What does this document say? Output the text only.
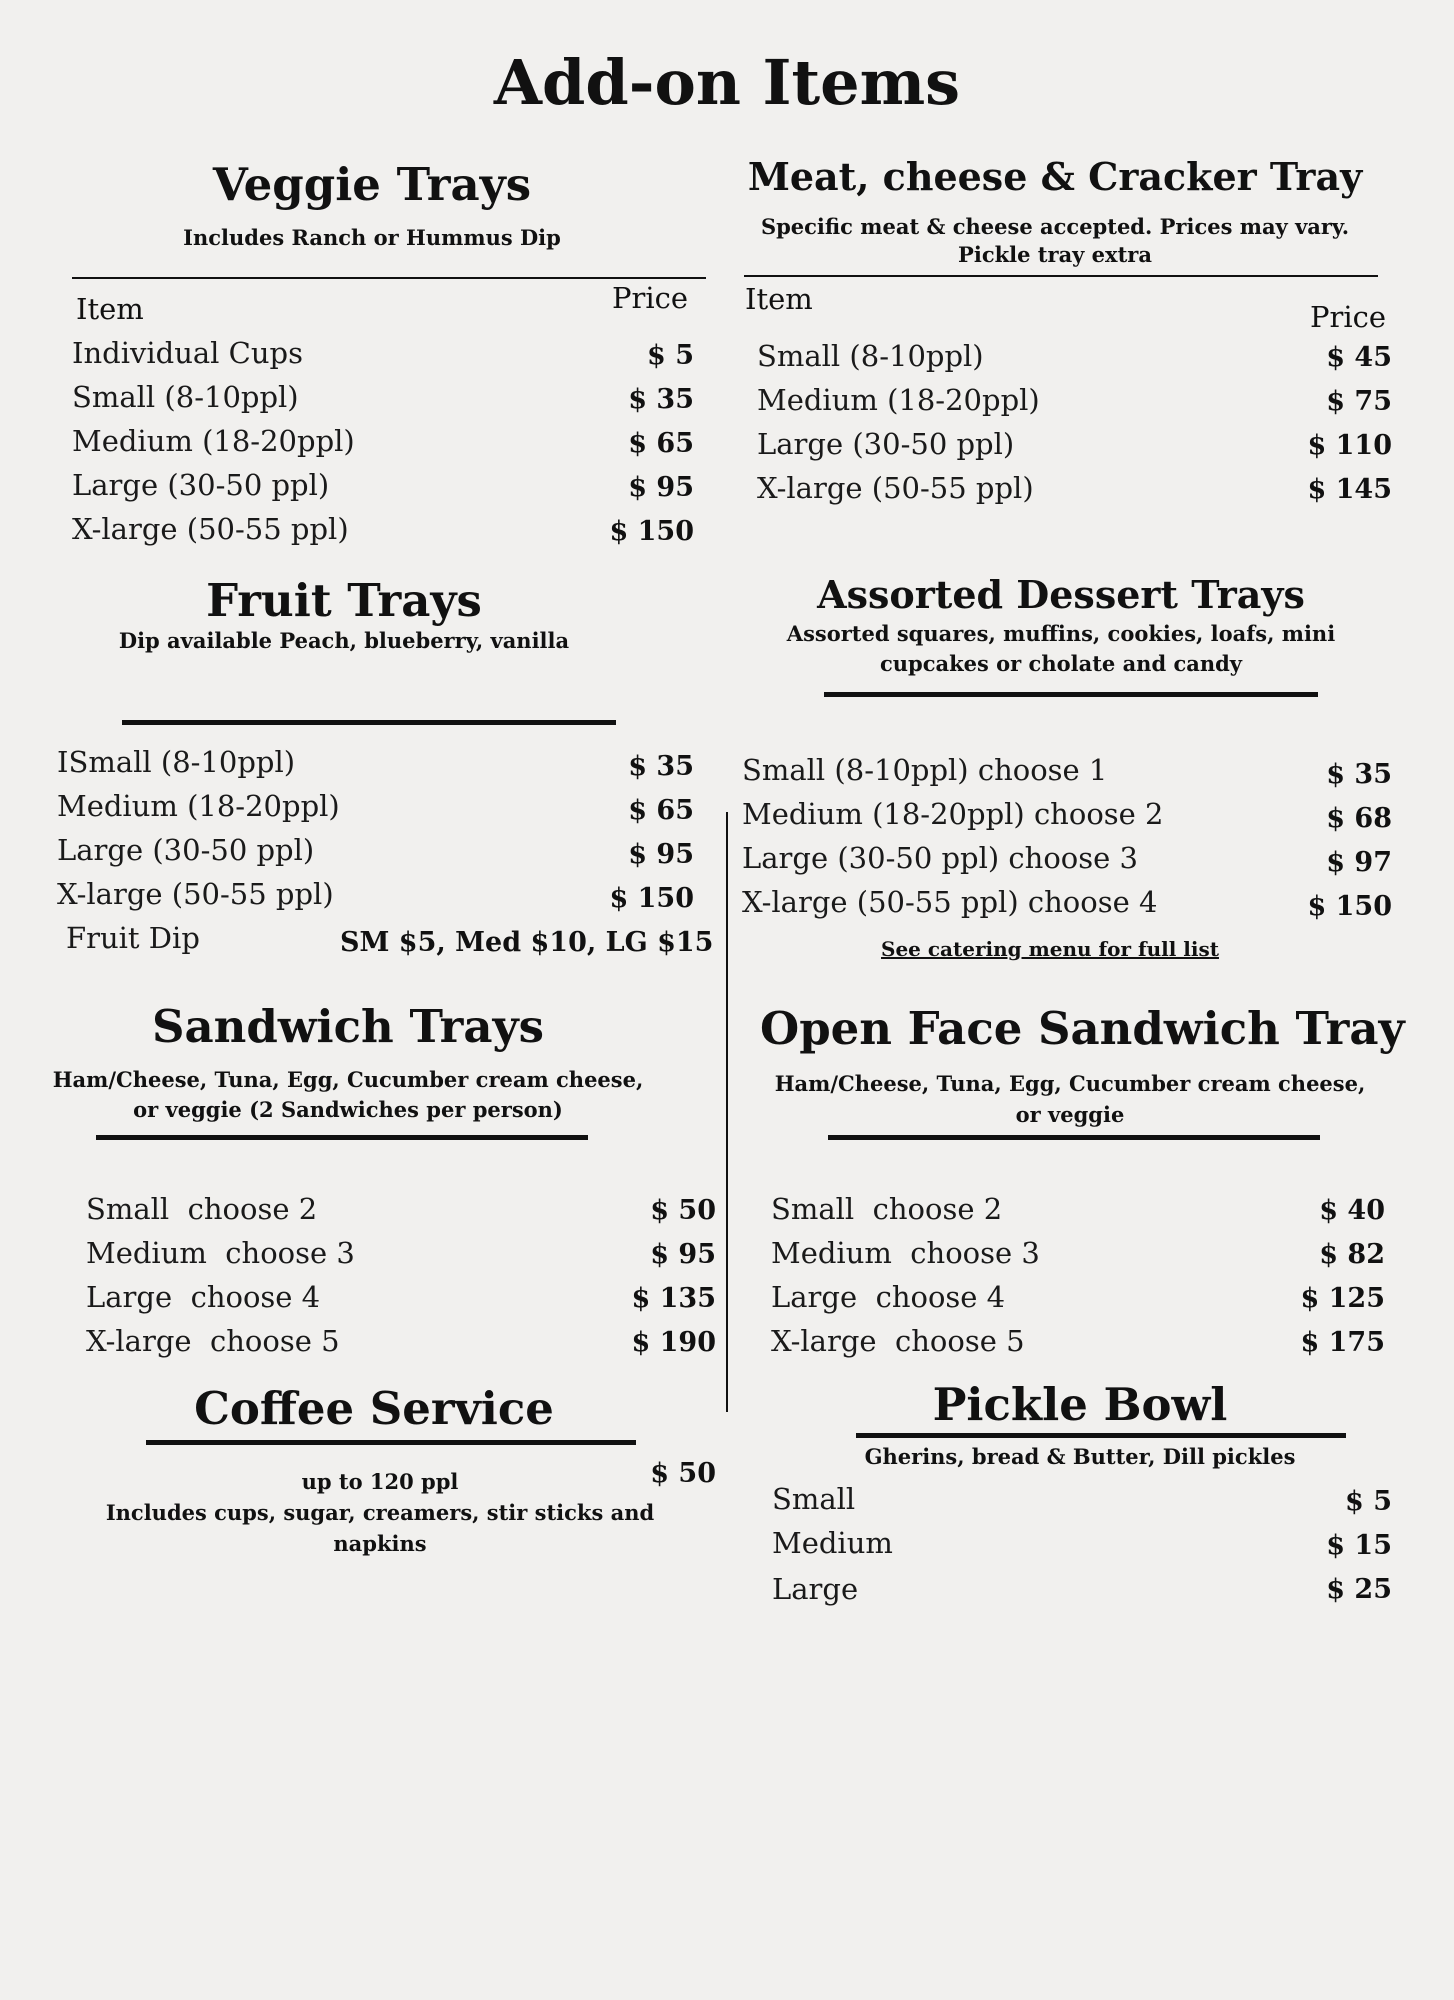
Add-on Items
Veggie Trays
Includes Ranch or Hummus Dip
Item	Price
Individual Cups	$ 5
Small (8-10ppl)	$ 35
Medium (18-20ppl)	$ 65
Large (30-50 ppl)	$ 95
X-large (50-55 ppl)	$ 150
Meat, cheese & Cracker Tray
Specific meat & cheese accepted. Prices may vary.
Pickle tray extra
Item
Price
Small (8-10ppl)	$ 45
Medium (18-20ppl)	$ 75
Large (30-50 ppl)	$ 110
X-large (50-55 ppl)	$ 145
Fruit Trays
Dip available Peach, blueberry, vanilla
ISmall (8-10ppl)	$ 35
Medium (18-20ppl)	$ 65
Large (30-50 ppl)	$ 95
X-large (50-55 ppl)	$ 150
Fruit Dip	SM $5, Med $10, LG $15
Assorted Dessert Trays
Assorted squares, muffins, cookies, loafs, mini
cupcakes or cholate and candy
Small (8-10ppl) choose 1	$ 35
Medium (18-20ppl) choose 2	$ 68
Large (30-50 ppl) choose 3	$ 97
X-large (50-55 ppl) choose 4	$ 150
See catering menu for full list
Sandwich Trays
Ham/Cheese, Tuna, Egg, Cucumber cream cheese,
or veggie (2 Sandwiches per person)
Small  choose 2	$ 50
Medium  choose 3	$ 95
Large  choose 4	$ 135
X-large  choose 5	$ 190
Open Face Sandwich Tray
Ham/Cheese, Tuna, Egg, Cucumber cream cheese,
or veggie
Small  choose 2	$ 40
Medium  choose 3	$ 82
Large  choose 4	$ 125
X-large  choose 5	$ 175
Coffee Service
up to 120 ppl
Includes cups, sugar, creamers, stir sticks and
napkins
$ 50
Pickle Bowl
Gherins, bread & Butter, Dill pickles
Small	$ 5
Medium	$ 15
Large	$ 25
